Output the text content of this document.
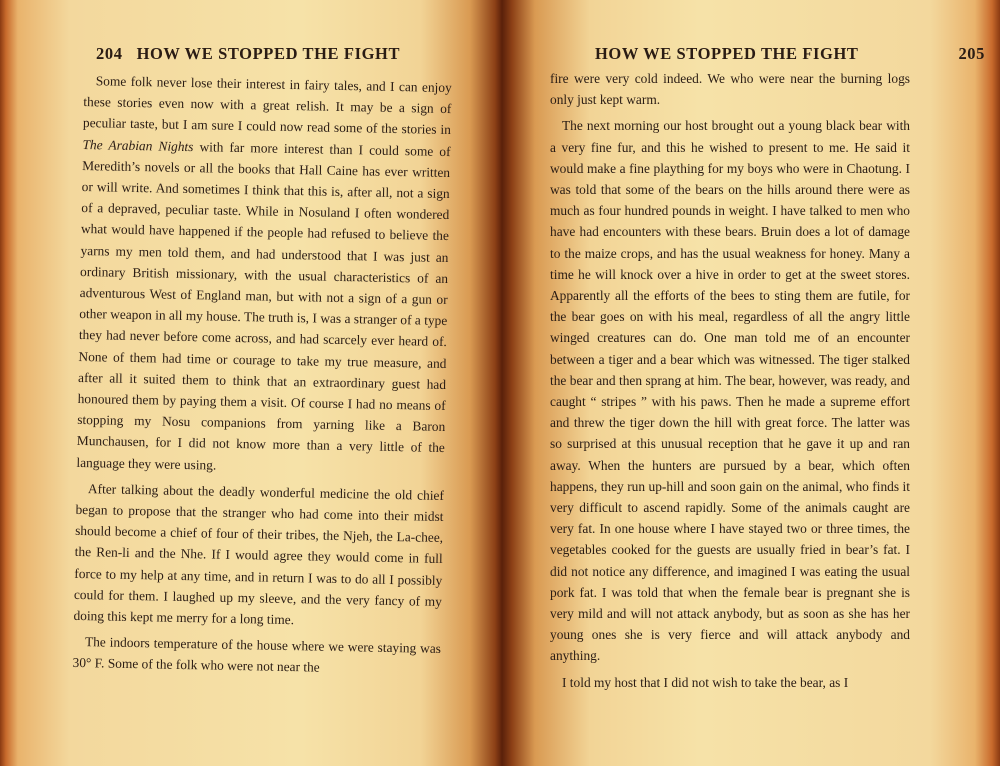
204 HOW WE STOPPED THE FIGHT

Some folk never lose their interest in fairy tales, and I can enjoy these stories even now with a great relish. It may be a sign of peculiar taste, but I am sure I could now read some of the stories in The Arabian Nights with far more interest than I could some of Meredith’s novels or all the books that Hall Caine has ever written or will write. And sometimes I think that this is, after all, not a sign of a depraved, peculiar taste. While in Nosuland I often wondered what would have happened if the people had refused to believe the yarns my men told them, and had understood that I was just an ordinary British missionary, with the usual characteristics of an adventurous West of England man, but with not a sign of a gun or other weapon in all my house. The truth is, I was a stranger of a type they had never before come across, and had scarcely ever heard of. None of them had time or courage to take my true measure, and after all it suited them to think that an extraordinary guest had honoured them by paying them a visit. Of course I had no means of stopping my Nosu companions from yarning like a Baron Munchausen, for I did not know more than a very little of the language they were using.

After talking about the deadly wonderful medicine the old chief began to propose that the stranger who had come into their midst should become a chief of four of their tribes, the Njeh, the La-chee, the Ren-li and the Nhe. If I would agree they would come in full force to my help at any time, and in return I was to do all I possibly could for them. I laughed up my sleeve, and the very fancy of my doing this kept me merry for a long time.

The indoors temperature of the house where we were staying was 30° F. Some of the folk who were not near the

205
HOW WE STOPPED THE FIGHT

fire were very cold indeed. We who were near the burning logs only just kept warm.

The next morning our host brought out a young black bear with a very fine fur, and this he wished to present to me. He said it would make a fine plaything for my boys who were in Chaotung. I was told that some of the bears on the hills around there were as much as four hundred pounds in weight. I have talked to men who have had encounters with these bears. Bruin does a lot of damage to the maize crops, and has the usual weakness for honey. Many a time he will knock over a hive in order to get at the sweet stores. Apparently all the efforts of the bees to sting them are futile, for the bear goes on with his meal, regardless of all the angry little winged creatures can do. One man told me of an encounter between a tiger and a bear which was witnessed. The tiger stalked the bear and then sprang at him. The bear, however, was ready, and caught “ stripes ” with his paws. Then he made a supreme effort and threw the tiger down the hill with great force. The latter was so surprised at this unusual reception that he gave it up and ran away. When the hunters are pursued by a bear, which often happens, they run up-hill and soon gain on the animal, who finds it very difficult to ascend rapidly. Some of the animals caught are very fat. In one house where I have stayed two or three times, the vegetables cooked for the guests are usually fried in bear’s fat. I did not notice any difference, and imagined I was eating the usual pork fat. I was told that when the female bear is pregnant she is very mild and will not attack anybody, but as soon as she has her young ones she is very fierce and will attack anybody and anything.

I told my host that I did not wish to take the bear, as I
